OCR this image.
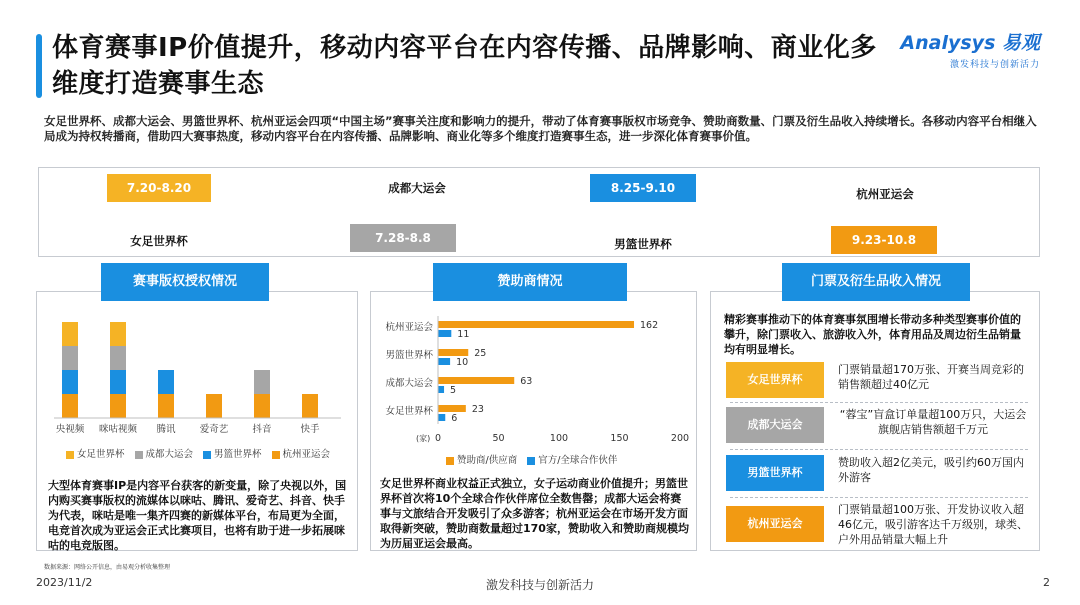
体育赛事IP价值提升，移动内容平台在内容传播、品牌影响、商业化多维度打造赛事生态
Analysys 易观
激发科技与创新活力
女足世界杯、成都大运会、男篮世界杯、杭州亚运会四项“中国主场”赛事关注度和影响力的提升，带动了体育赛事版权市场竞争、赞助商数量、门票及衍生品收入持续增长。各移动内容平台相继入局成为持权转播商，借助四大赛事热度，移动内容平台在内容传播、品牌影响、商业化等多个维度打造赛事生态，进一步深化体育赛事价值。
7.20-8.20
女足世界杯
成都大运会
7.28-8.8
8.25-9.10
男篮世界杯
杭州亚运会
9.23-10.8
赛事版权授权情况
央视频 咪咕视频 腾讯	爱奇艺	抖音	快手
女足世界杯	成都大运会	男篮世界杯	杭州亚运会
大型体育赛事IP是内容平台获客的新变量，除了央视以外，国内购买赛事版权的流媒体以咪咕、腾讯、爱奇艺、抖音、快手为代表，咪咕是唯一集齐四赛的新媒体平台，布局更为全面，电竞首次成为亚运会正式比赛项目，也将有助于进一步拓展咪咕的电竞版图。
赞助商情况
162
11
25
10
63
5
23
6
杭州亚运会
男篮世界杯
成都大运会
女足世界杯
0	50	100	150	200
(家)
赞助商/供应商	官方/全球合作伙伴
女足世界杯商业权益正式独立，女子运动商业价值提升；男篮世界杯首次将10个全球合作伙伴席位全数售罄；成都大运会将赛事与文旅结合开发吸引了众多游客；杭州亚运会在市场开发方面取得新突破，赞助商数量超过170家，赞助收入和赞助商规模均为历届亚运会最高。
门票及衍生品收入情况
精彩赛事推动下的体育赛事氛围增长带动多种类型赛事价值的攀升，除门票收入、旅游收入外，体育用品及周边衍生品销量均有明显增长。
女足世界杯
门票销量超170万张、开赛当周竞彩的销售额超过40亿元
成都大运会
“蓉宝”盲盒订单量超100万只，大运会旗舰店销售额超千万元
男篮世界杯
赞助收入超2亿美元，吸引约60万国内外游客
杭州亚运会
门票销量超100万张、开发协议收入超46亿元，吸引游客达千万级别，球类、户外用品销量大幅上升
数据来源：网络公开信息，由易观分析收集整理
2023/11/2	激发科技与创新活力	2
